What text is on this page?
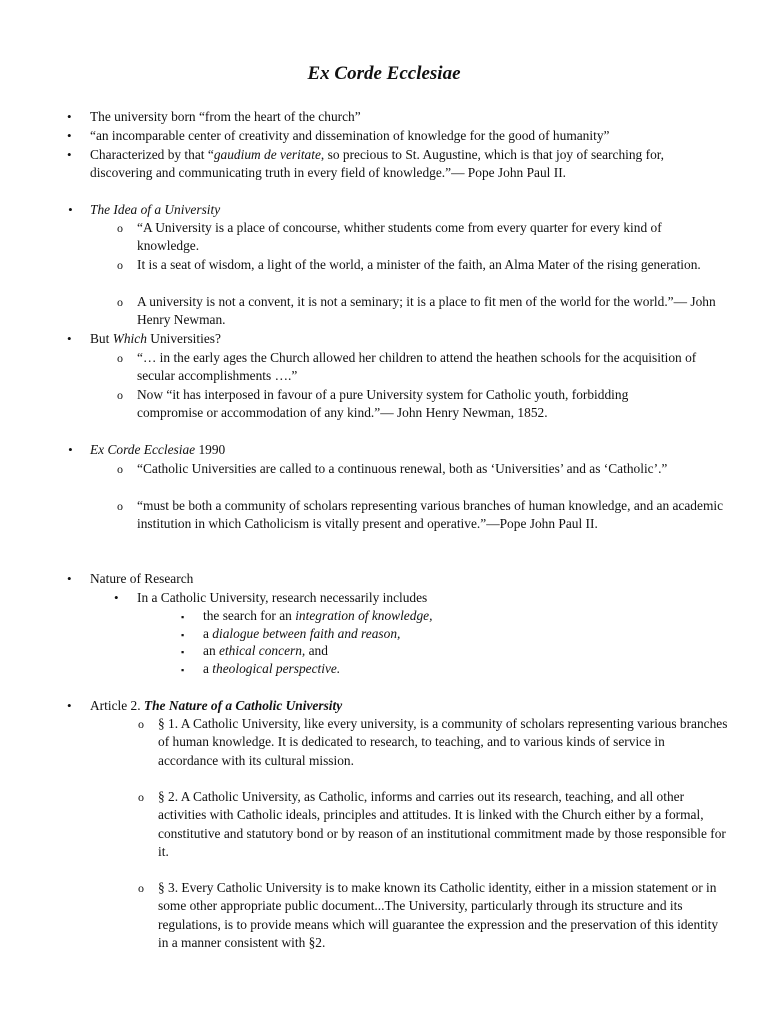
Ex Corde Ecclesiae
• The university born “from the heart of the church”
• “an incomparable center of creativity and dissemination of knowledge for the good of humanity”
• Characterized by that “gaudium de veritate, so precious to St. Augustine, which is that joy of searching for, discovering and communicating truth in every field of knowledge.”— Pope John Paul II.
• The Idea of a University
o “A University is a place of concourse, whither students come from every quarter for every kind of knowledge.
o It is a seat of wisdom, a light of the world, a minister of the faith, an Alma Mater of the rising generation.
o A university is not a convent, it is not a seminary; it is a place to fit men of the world for the world.”— John Henry Newman.
• But Which Universities?
o “… in the early ages the Church allowed her children to attend the heathen schools for the acquisition of secular accomplishments ….”
o Now “it has interposed in favour of a pure University system for Catholic youth, forbidding compromise or accommodation of any kind.”— John Henry Newman, 1852.
• Ex Corde Ecclesiae 1990
o “Catholic Universities are called to a continuous renewal, both as ‘Universities’ and as ‘Catholic’.”
o “must be both a community of scholars representing various branches of human knowledge, and an academic institution in which Catholicism is vitally present and operative.”—Pope John Paul II.
• Nature of Research
• In a Catholic University, research necessarily includes
▪ the search for an integration of knowledge,
▪ a dialogue between faith and reason,
▪ an ethical concern, and
▪ a theological perspective.
• Article 2. The Nature of a Catholic University
o § 1. A Catholic University, like every university, is a community of scholars representing various branches of human knowledge. It is dedicated to research, to teaching, and to various kinds of service in accordance with its cultural mission.
o § 2. A Catholic University, as Catholic, informs and carries out its research, teaching, and all other activities with Catholic ideals, principles and attitudes. It is linked with the Church either by a formal, constitutive and statutory bond or by reason of an institutional commitment made by those responsible for it.
o § 3. Every Catholic University is to make known its Catholic identity, either in a mission statement or in some other appropriate public document...The University, particularly through its structure and its regulations, is to provide means which will guarantee the expression and the preservation of this identity in a manner consistent with §2.
